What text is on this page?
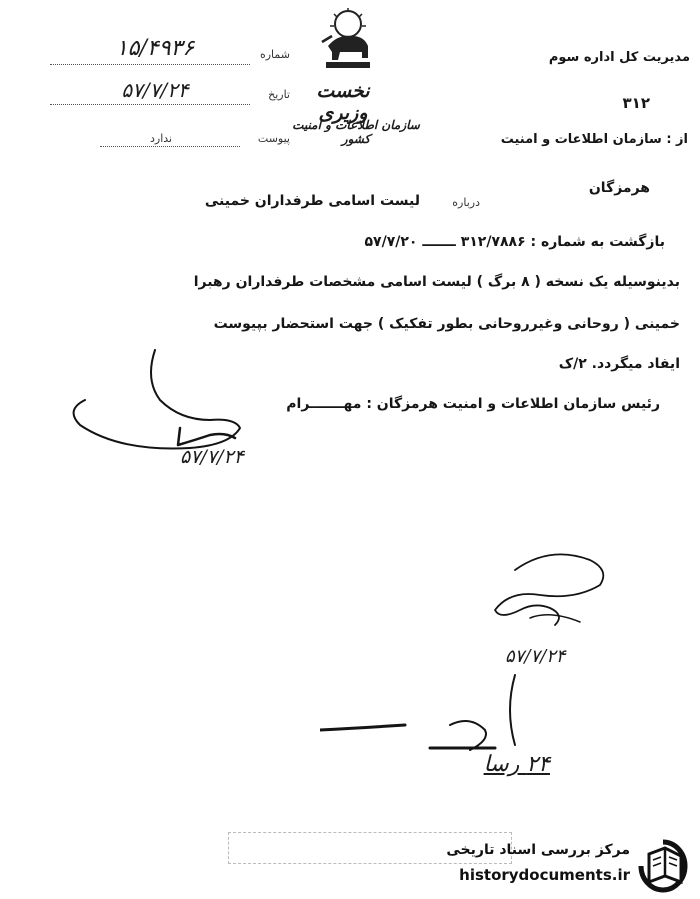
نخست وزیری
سازمان اطلاعات و امنیت کشور
مدیریت کل اداره سوم
۳۱۲
از : سازمان اطلاعات و امنیت
هرمزگان
شماره
۱۵/۴۹۳۶
تاریخ
۵۷/۷/۲۴
پیوست
ندارد
درباره
لیست اسامی طرفداران خمینی
بازگشت به شماره : ۳۱۲/۷۸۸۶ ـــــــ ۵۷/۷/۲۰
بدینوسیله یک نسخه ( ۸ برگ ) لیست اسامی مشخصات طرفداران رهبرا
خمینی ( روحانی وغیرروحانی بطور تفکیک ) جهت استحضار بپیوست
ایفاد میگردد. ۲/ک
رئیس سازمان اطلاعات و امنیت هرمزگان : مهـــــــرام
۵۷/۷/۲۴
۵۷/۷/۲۴
۲۴ رسا
مرکز بررسی اسناد تاریخی
historydocuments.ir
